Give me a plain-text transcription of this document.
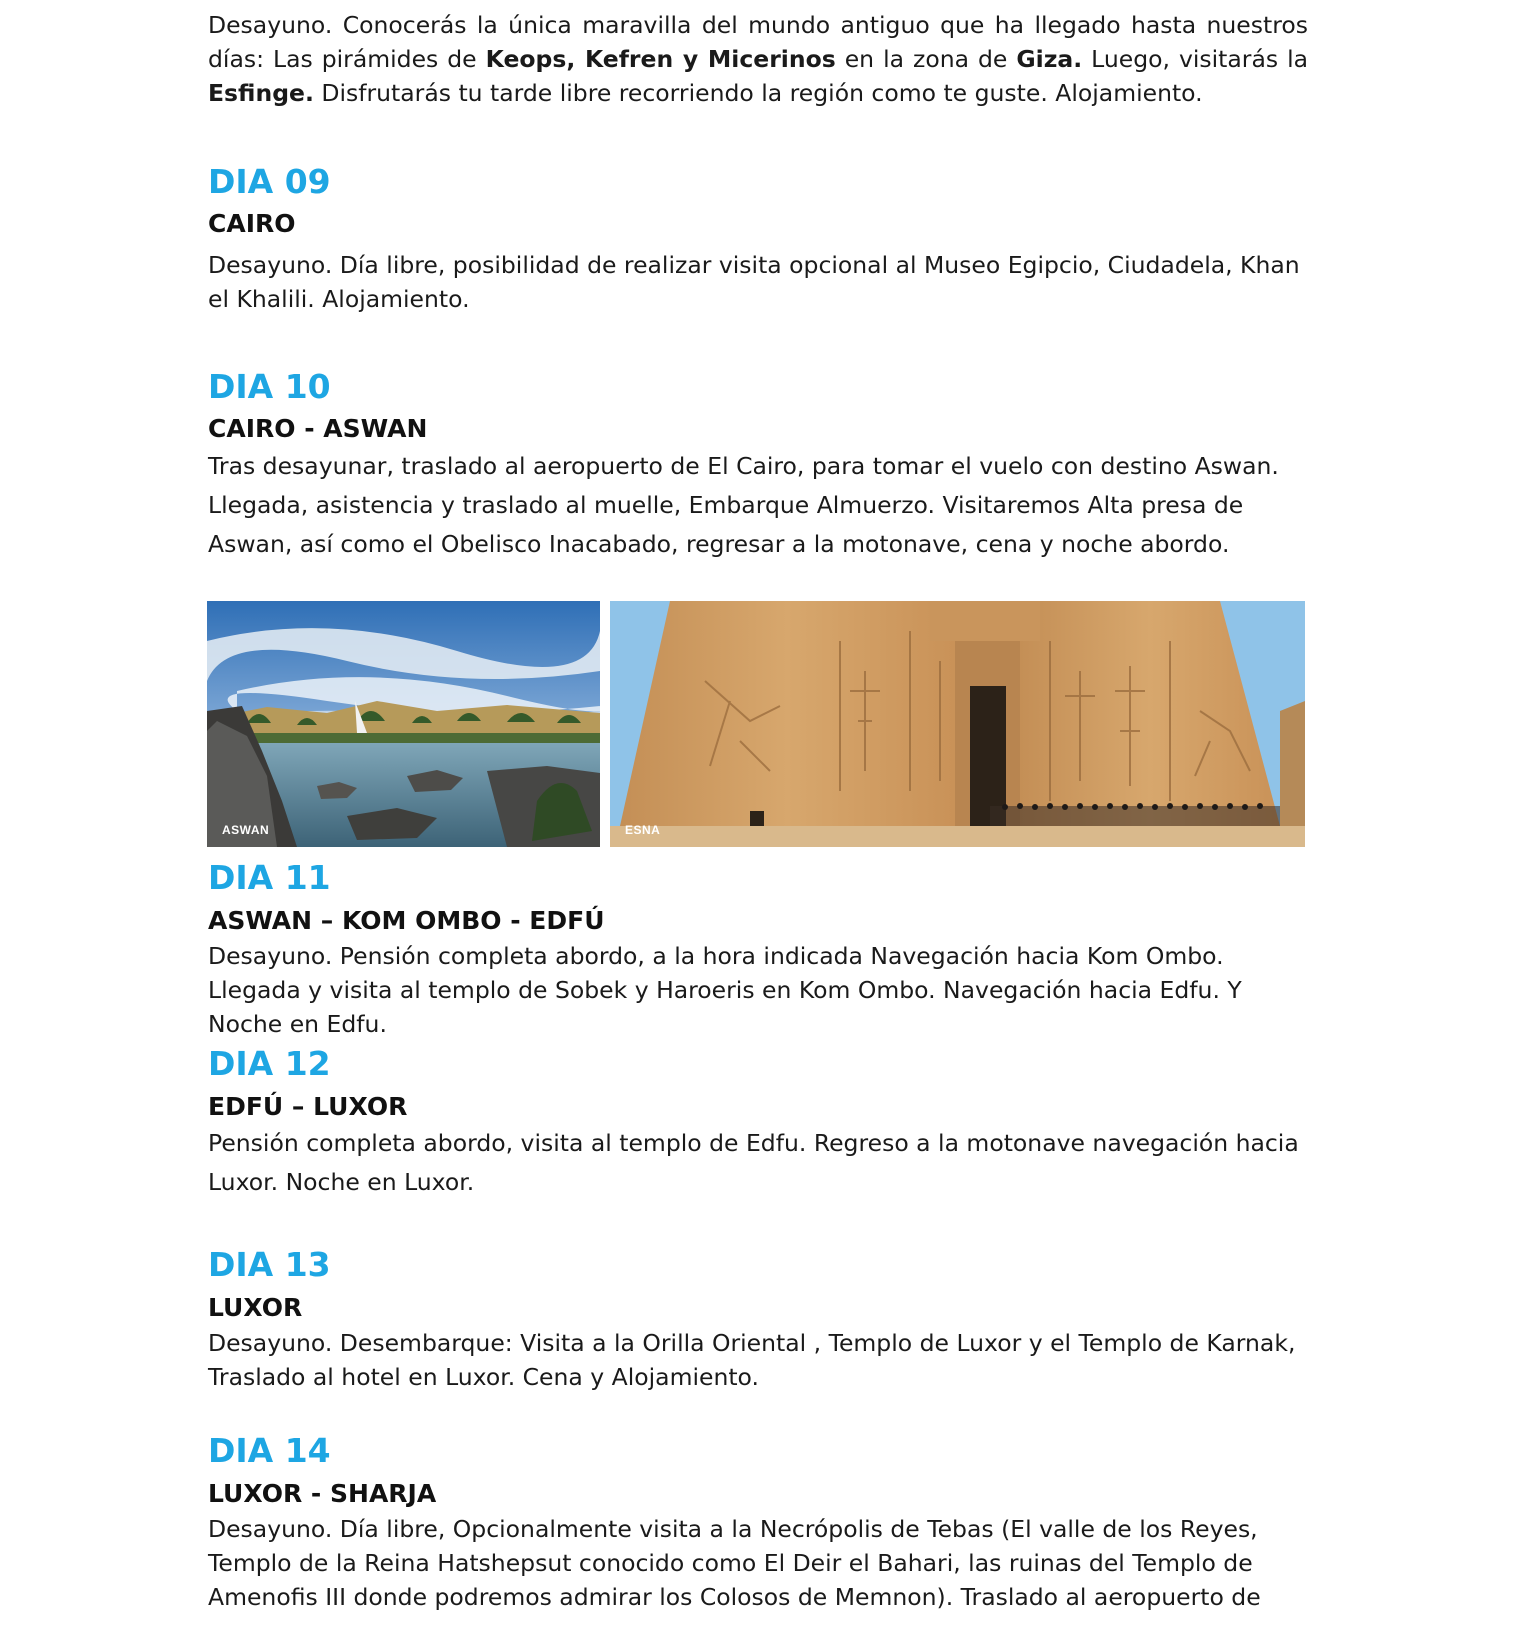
Desayuno. Conocerás la única maravilla del mundo antiguo que ha llegado hasta nuestros días: Las pirámides de Keops, Kefren y Micerinos en la zona de Giza. Luego, visitarás la Esfinge. Disfrutarás tu tarde libre recorriendo la región como te guste. Alojamiento.

DIA 09
CAIRO

Desayuno. Día libre, posibilidad de realizar visita opcional al Museo Egipcio, Ciudadela, Khan el Khalili. Alojamiento.

DIA 10
CAIRO - ASWAN

Tras desayunar, traslado al aeropuerto de El Cairo, para tomar el vuelo con destino Aswan. Llegada, asistencia y traslado al muelle, Embarque Almuerzo. Visitaremos Alta presa de Aswan, así como el Obelisco Inacabado, regresar a la motonave, cena y noche abordo.

ASWAN	ESNA
DIA 11
ASWAN – KOM OMBO - EDFÚ

Desayuno. Pensión completa abordo, a la hora indicada Navegación hacia Kom Ombo. Llegada y visita al templo de Sobek y Haroeris en Kom Ombo. Navegación hacia Edfu. Y Noche en Edfu.

DIA 12
EDFÚ – LUXOR

Pensión completa abordo, visita al templo de Edfu. Regreso a la motonave navegación hacia Luxor. Noche en Luxor.

DIA 13
LUXOR

Desayuno. Desembarque: Visita a la Orilla Oriental , Templo de Luxor y el Templo de Karnak, Traslado al hotel en Luxor. Cena y Alojamiento.

DIA 14
LUXOR - SHARJA

Desayuno. Día libre, Opcionalmente visita a la Necrópolis de Tebas (El valle de los Reyes, Templo de la Reina Hatshepsut conocido como El Deir el Bahari, las ruinas del Templo de Amenofis III donde podremos admirar los Colosos de Memnon). Traslado al aeropuerto de
